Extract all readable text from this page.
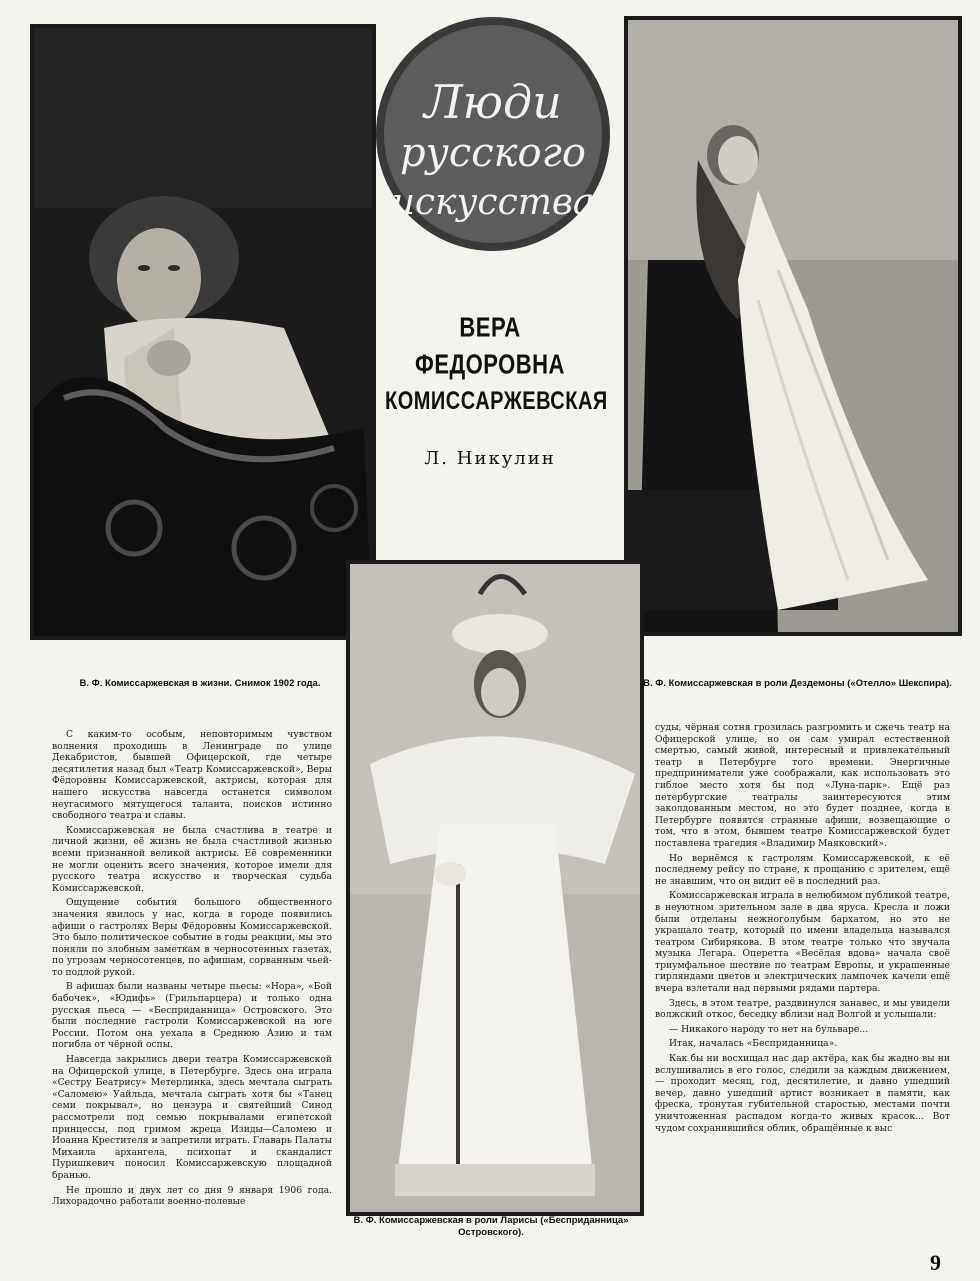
Люди
русского
искусства
ВЕРА
ФЕДОРОВНА
КОМИССАРЖЕВСКАЯ
Л. Никулин
В. Ф. Комиссаржевская в жизни. Снимок 1902 года.	В. Ф. Комиссаржевская в роли Дездемоны («Отелло» Шекспира).
В. Ф. Комиссаржевская в роли Ларисы («Бесприданница» Островского).

С каким-то особым, неповторимым чувством волнения проходишь в Ленинграде по улице Декабристов, бывшей Офицерской, где четыре десятилетия назад был «Театр Комиссаржевской», Веры Фёдоровны Комиссаржевской, актрисы, которая для нашего искусства навсегда останется символом неугасимого мятущегося таланта, поисков истинно свободного театра и славы.

Комиссаржевская не была счастлива в театре и личной жизни, её жизнь не была счастливой жизнью всеми признанной великой актрисы. Её современники не могли оценить всего значения, которое имели для русского театра искусство и творческая судьба Комиссаржевской.

Ощущение события большого общественного значения явилось у нас, когда в городе появились афиши о гастролях Веры Фёдоровны Комиссаржевской. Это было политическое событие в годы реакции, мы это поняли по злобным заметкам в черносотенных газетах, по угрозам черносотенцев, по афишам, сорванным чьей-то подлой рукой.

В афишах были названы четыре пьесы: «Нора», «Бой бабочек», «Юдифь» (Грильпарцера) и только одна русская пьеса — «Бесприданница» Островского. Это были последние гастроли Комиссаржевской на юге России. Потом она уехала в Среднюю Азию и там погибла от чёрной оспы.

Навсегда закрылись двери театра Комиссаржевской на Офицерской улице, в Петербурге. Здесь она играла «Сестру Беатрису» Метерлинка, здесь мечтала сыграть «Саломею» Уайльда, мечтала сыграть хотя бы «Танец семи покрывал», но цензура и святейший Синод рассмотрели под семью покрывалами египетской принцессы, под гримом жреца Изиды—Саломею и Иоанна Крестителя и запретили играть. Главарь Палаты Михаила архангела, психопат и скандалист Пуришкевич поносил Комиссаржевскую площадной бранью.

Не прошло и двух лет со дня 9 января 1906 года. Лихорадочно работали военно-полевые

суды, чёрная сотня грозилась разгромить и сжечь театр на Офицерской улице, но он сам умирал естественной смертью, самый живой, интересный и привлекательный театр в Петербурге того времени. Энергичные предприниматели уже соображали, как использовать это гиблое место хотя бы под «Луна-парк». Ещё раз петербургские театралы заинтересуются этим заколдованным местом, но это будет позднее, когда в Петербурге появятся странные афиши, возвещающие о том, что в этом, бывшем театре Комиссаржевской будет поставлена трагедия «Владимир Маяковский».

Но вернёмся к гастролям Комиссаржевской, к её последнему рейсу по стране, к прощанию с зрителем, ещё не знавшим, что он видит её в последний раз.

Комиссаржевская играла в нелюбимом публикой театре, в неуютном зрительном зале в два яруса. Кресла и ложи были отделаны нежноголубым бархатом, но это не украшало театр, который по имени владельца назывался театром Сибирякова. В этом театре только что звучала музыка Легара. Оперетта «Весёлая вдова» начала своё триумфальное шествие по театрам Европы, и украшенные гирляндами цветов и электрических лампочек качели ещё вчера взлетали над первыми рядами партера.

Здесь, в этом театре, раздвинулся занавес, и мы увидели волжский откос, беседку вблизи над Волгой и услышали:

— Никакого народу то нет на бульваре...

Итак, началась «Бесприданница».

Как бы ни восхищал нас дар актёра, как бы жадно вы ни вслушивались в его голос, следили за каждым движением, — проходит месяц, год, десятилетие, и давно ушедший вечер, давно ушедший артист возникает в памяти, как фреска, тронутая губительной старостью, местами почти уничтоженная распадом когда-то живых красок... Вот чудом сохранившийся облик, обращённые к выс

9
